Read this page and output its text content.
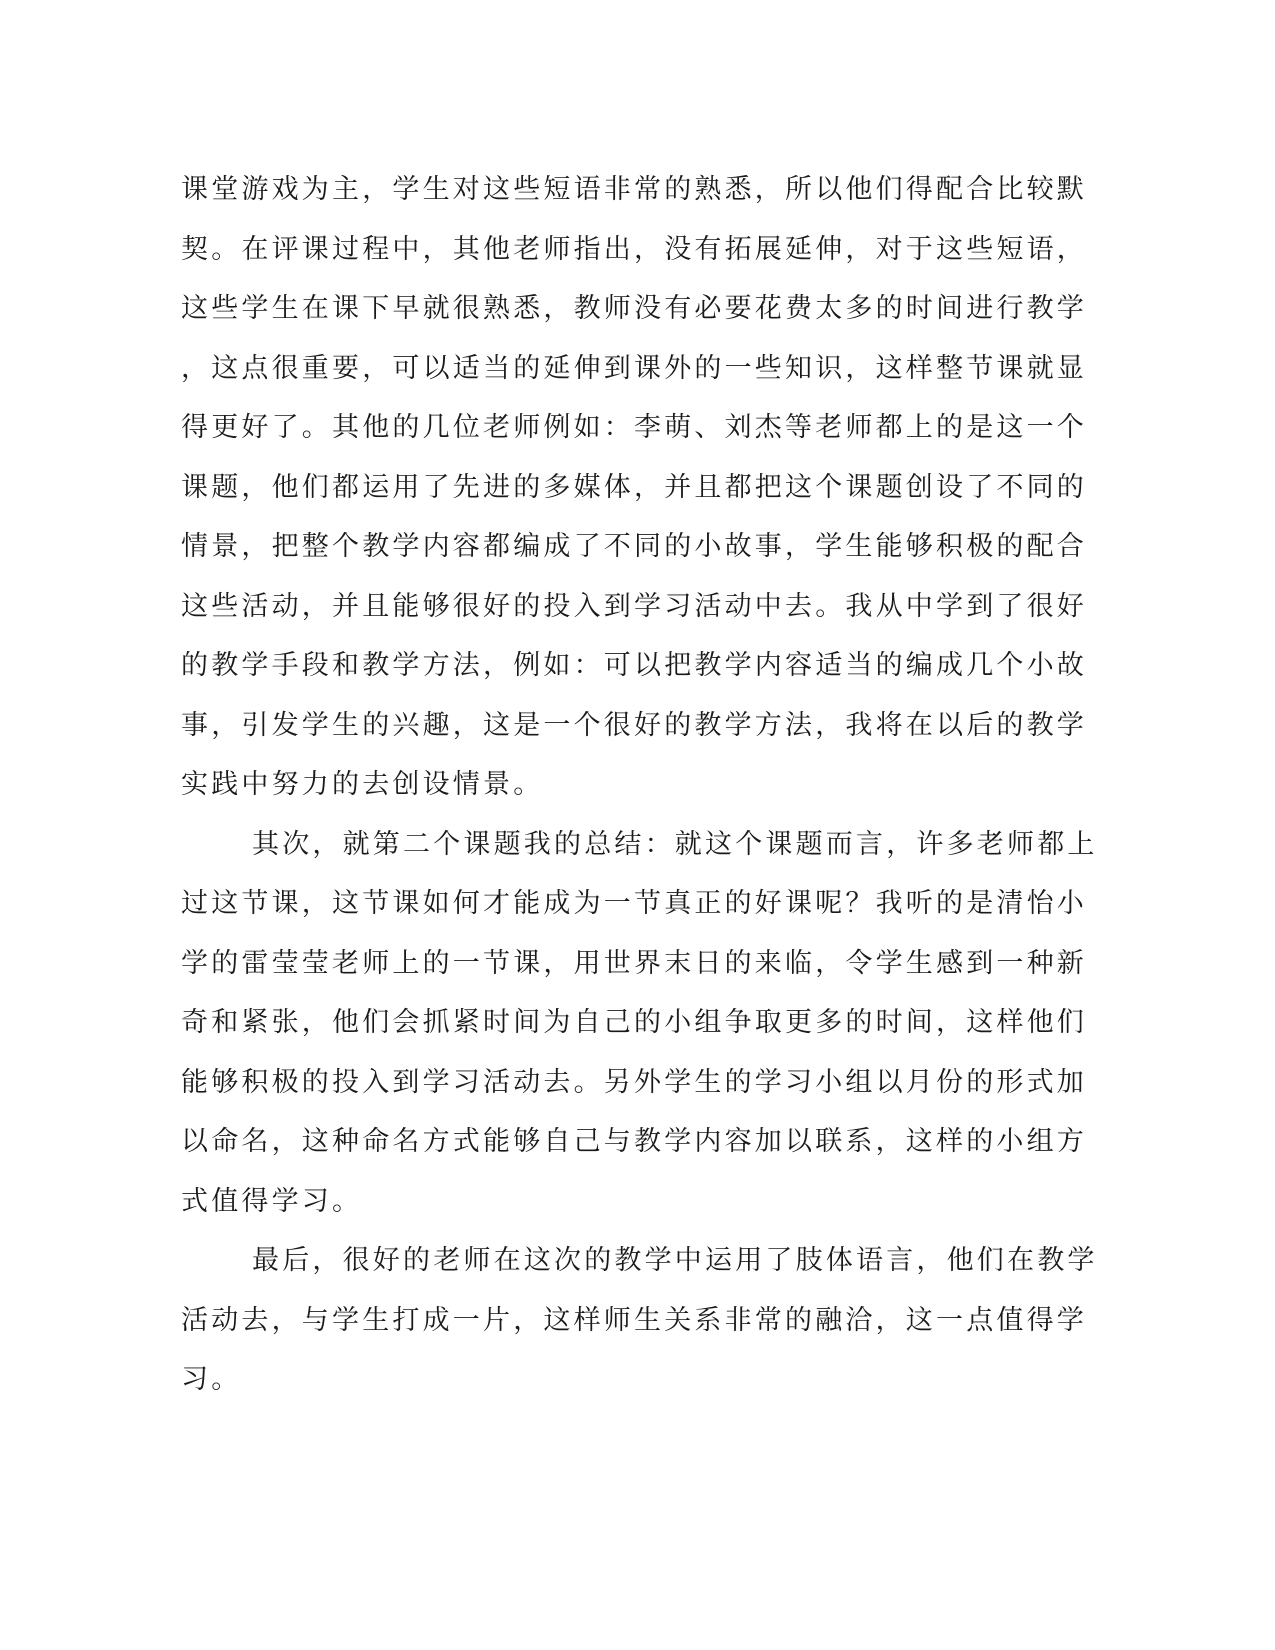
课堂游戏为主，学生对这些短语非常的熟悉，所以他们得配合比较默
契。在评课过程中，其他老师指出，没有拓展延伸，对于这些短语，
这些学生在课下早就很熟悉，教师没有必要花费太多的时间进行教学
，这点很重要，可以适当的延伸到课外的一些知识，这样整节课就显
得更好了。其他的几位老师例如：李萌、刘杰等老师都上的是这一个
课题，他们都运用了先进的多媒体，并且都把这个课题创设了不同的
情景，把整个教学内容都编成了不同的小故事，学生能够积极的配合
这些活动，并且能够很好的投入到学习活动中去。我从中学到了很好
的教学手段和教学方法，例如：可以把教学内容适当的编成几个小故
事，引发学生的兴趣，这是一个很好的教学方法，我将在以后的教学
实践中努力的去创设情景。
其次，就第二个课题我的总结：就这个课题而言，许多老师都上
过这节课，这节课如何才能成为一节真正的好课呢？我听的是清怡小
学的雷莹莹老师上的一节课，用世界末日的来临，令学生感到一种新
奇和紧张，他们会抓紧时间为自己的小组争取更多的时间，这样他们
能够积极的投入到学习活动去。另外学生的学习小组以月份的形式加
以命名，这种命名方式能够自己与教学内容加以联系，这样的小组方
式值得学习。
最后，很好的老师在这次的教学中运用了肢体语言，他们在教学
活动去，与学生打成一片，这样师生关系非常的融洽，这一点值得学
习。
